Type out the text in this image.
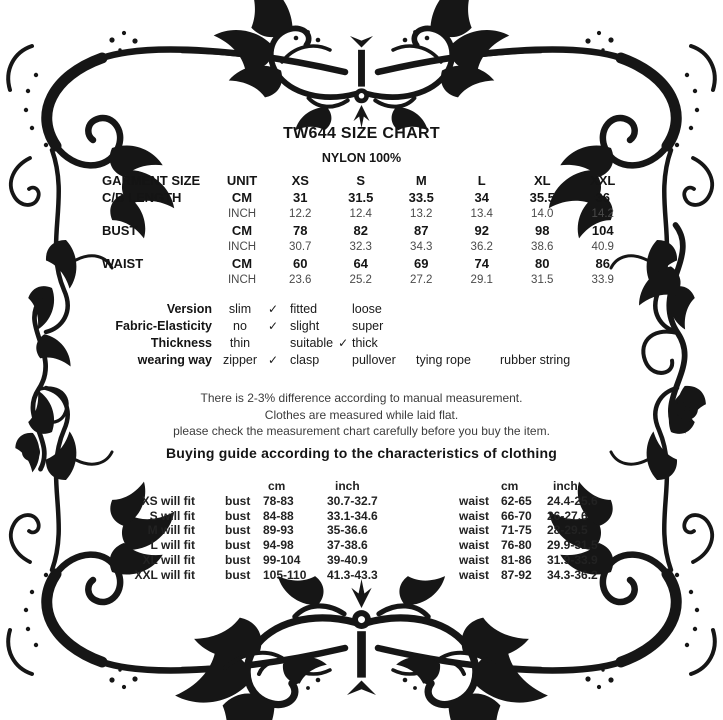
TW644 SIZE CHART
NYLON 100%
GARMENT SIZE	UNIT	XS	S	M	L	XL	XXL
C/B LENGTH	CM	31	31.5	33.5	34	35.5	36
INCH	12.2	12.4	13.2	13.4	14.0	14.2
BUST	CM	78	82	87	92	98	104
INCH	30.7	32.3	34.3	36.2	38.6	40.9
WAIST	CM	60	64	69	74	80	86
INCH	23.6	25.2	27.2	29.1	31.5	33.9
Version	slim	✓ fitted	loose
Fabric-Elasticity	no	✓ slight	super
Thickness	thin	suitable ✓ thick
wearing way zipper ✓ clasp	pullover	tying rope	rubber string
There is 2-3% difference according to manual measurement.
Clothes are measured while laid flat.
please check the measurement chart carefully before you buy the item.
Buying guide according to the characteristics of clothing
cm	inch	cm	inch
XS will fit	bust	78-83	30.7-32.7	waist 62-65	24.4-25.6
S will fit	bust	84-88	33.1-34.6	waist 66-70	26-27.6
M will fit	bust	89-93	35-36.6	waist 71-75	28-29.5
L will fit	bust	94-98	37-38.6	waist 76-80	29.9-31.5
XL will fit	bust	99-104	39-40.9	waist 81-86	31.9-33.9
XXL will fit	bust	105-110	41.3-43.3	waist 87-92	34.3-36.2
